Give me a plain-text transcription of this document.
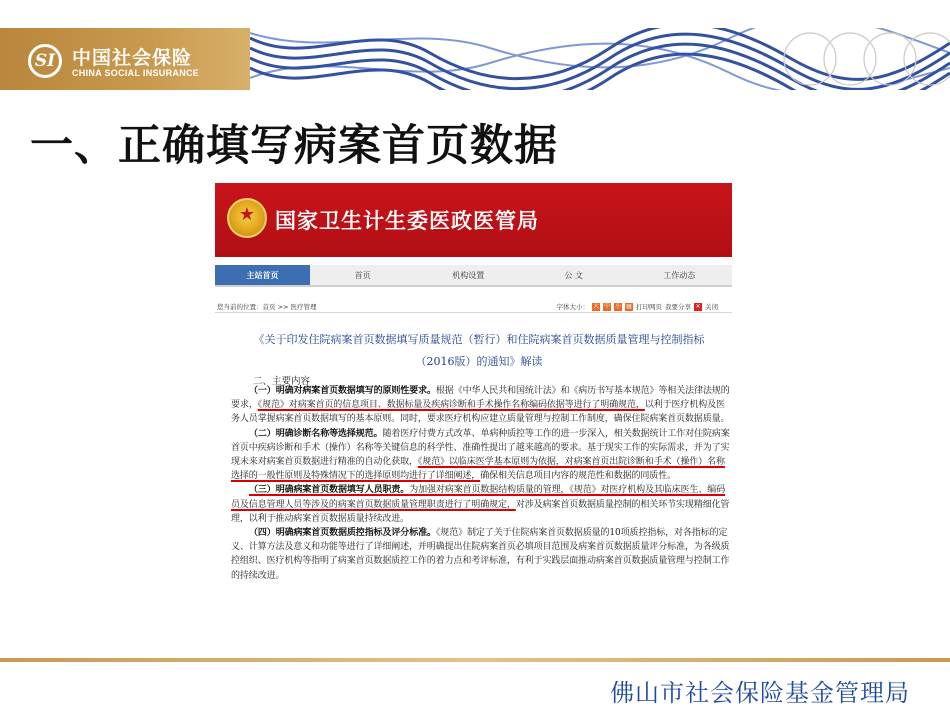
SI 中国社会保险
CHINA SOCIAL INSURANCE
一、正确填写病案首页数据
★
国家卫生计生委医政医管局
主站首页	首页	机构设置	公 文	工作动态
您当前的位置：首页 >> 医疗管理	字体大小： 大 中 小 ▤ 打印网页 我要分享 ✕ 关闭
《关于印发住院病案首页数据填写质量规范（暂行）和住院病案首页数据质量管理与控制指标
（2016版）的通知》解读
二、主要内容

（一）明确对病案首页数据填写的原则性要求。根据《中华人民共和国统计法》和《病历书写基本规范》等相关法律法规的要求，《规范》对病案首页的信息项目、数据标量及疾病诊断和手术操作名称编码依据等进行了明确规范，以利于医疗机构及医务人员掌握病案首页数据填写的基本原则。同时，要求医疗机构应建立质量管理与控制工作制度，确保住院病案首页数据质量。

（二）明确诊断名称等选择规范。随着医疗付费方式改革、单病种质控等工作的进一步深入，相关数据统计工作对住院病案首页中疾病诊断和手术（操作）名称等关键信息的科学性、准确性提出了越来越高的要求。基于现实工作的实际需求，并为了实现未来对病案首页数据进行精准的自动化获取，《规范》以临床医学基本原则为依据，对病案首页出院诊断和手术（操作）名称选择的一般性原则及特殊情况下的选择原则均进行了详细阐述，确保相关信息项目内容的规范性和数据的同质性。

（三）明确病案首页数据填写人员职责。为加强对病案首页数据结构质量的管理，《规范》对医疗机构及其临床医生、编码员及信息管理人员等涉及的病案首页数据质量管理职责进行了明确规定，对涉及病案首页数据质量控制的相关环节实现精细化管理，以利于推动病案首页数据质量持续改进。

（四）明确病案首页数据质控指标及评分标准。《规范》制定了关于住院病案首页数据质量的10项质控指标，对各指标的定义、计算方法及意义和功能等进行了详细阐述，并明确提出住院病案首页必填项目范围及病案首页数据质量评分标准，为各级质控组织、医疗机构等指明了病案首页数据质控工作的着力点和考评标准，有利于实践层面推动病案首页数据质量管理与控制工作的持续改进。

佛山市社会保险基金管理局
